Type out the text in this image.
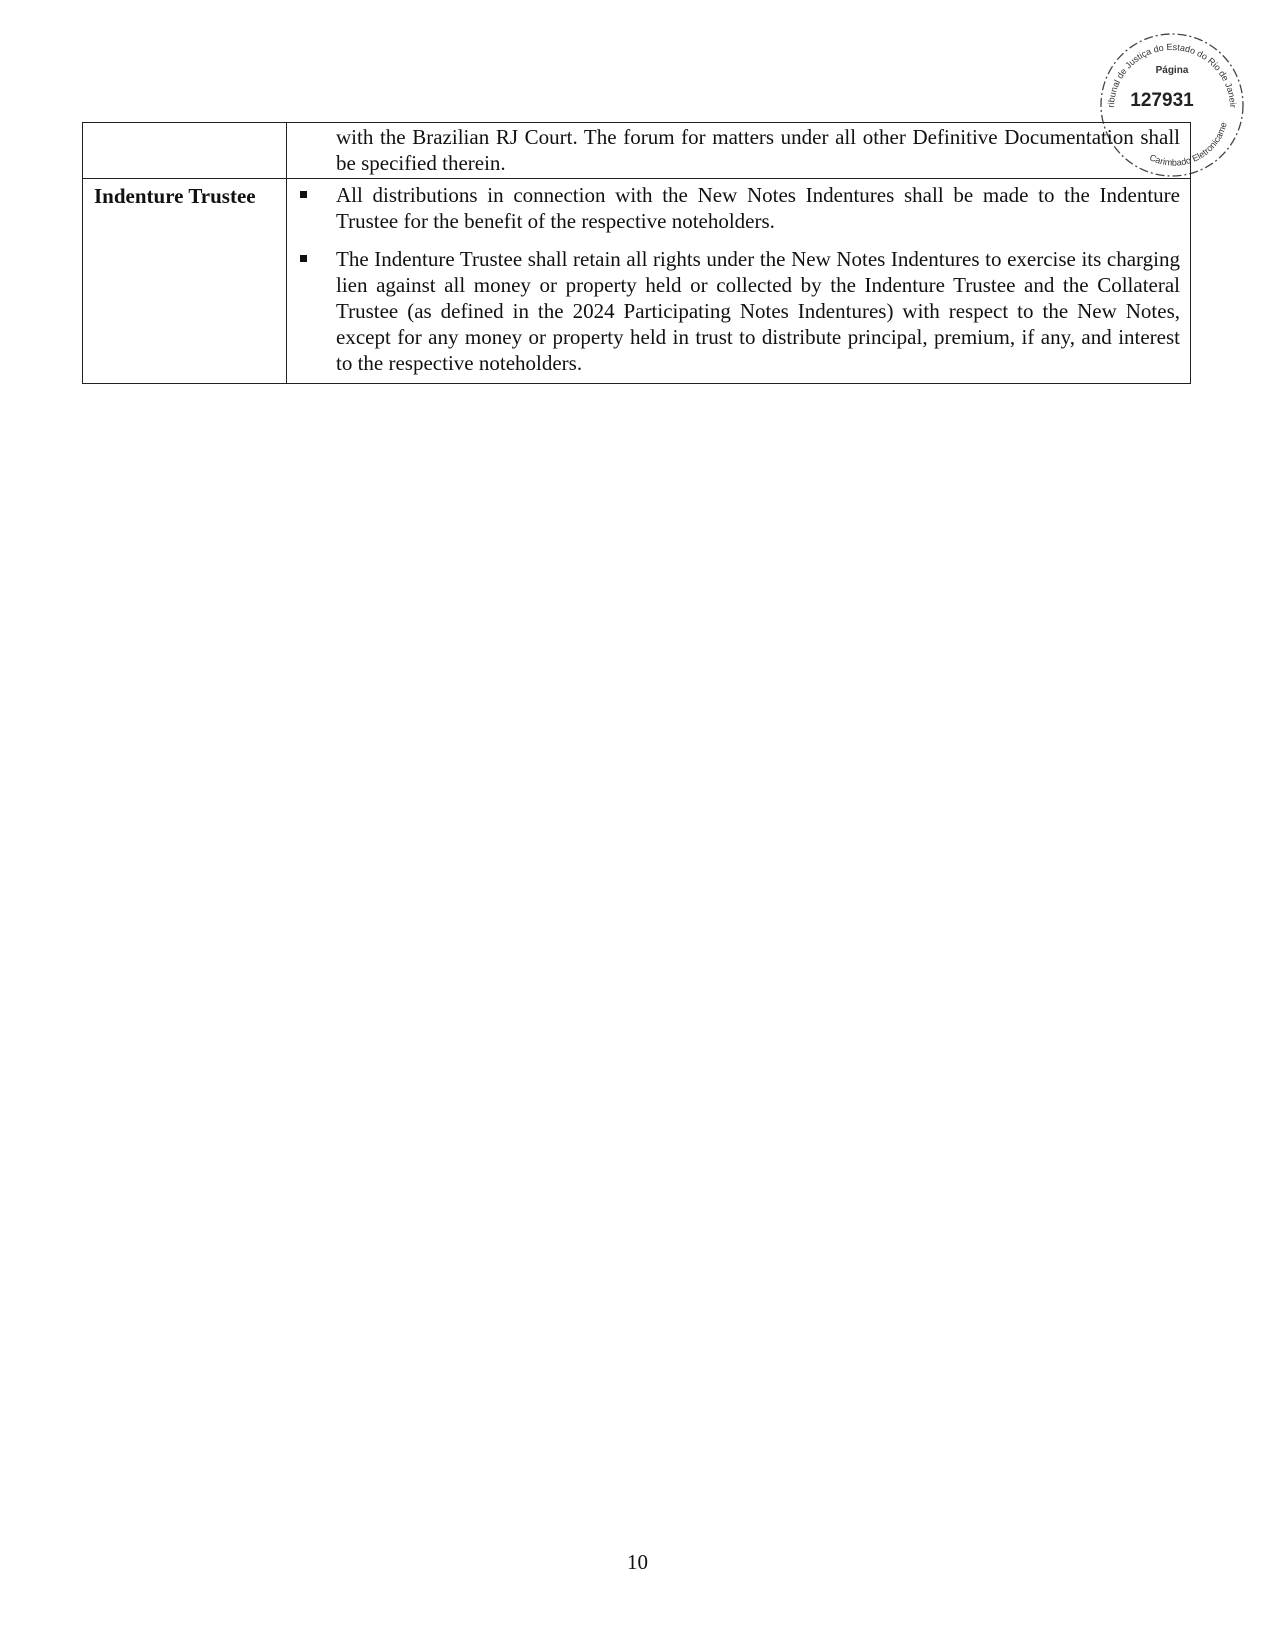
ribunal de Justiça do Estado do Rio de Janeir
Página
127931
Carimbado Eletronicame

	with the Brazilian RJ Court. The forum for matters under all other Definitive Documentation shall be specified therein.

Indenture Trustee	All distributions in connection with the New Notes Indentures shall be made to the Indenture Trustee for the benefit of the respective noteholders.
The Indenture Trustee shall retain all rights under the New Notes Indentures to exercise its charging lien against all money or property held or collected by the Indenture Trustee and the Collateral Trustee (as defined in the 2024 Participating Notes Indentures) with respect to the New Notes, except for any money or property held in trust to distribute principal, premium, if any, and interest to the respective noteholders.
10
